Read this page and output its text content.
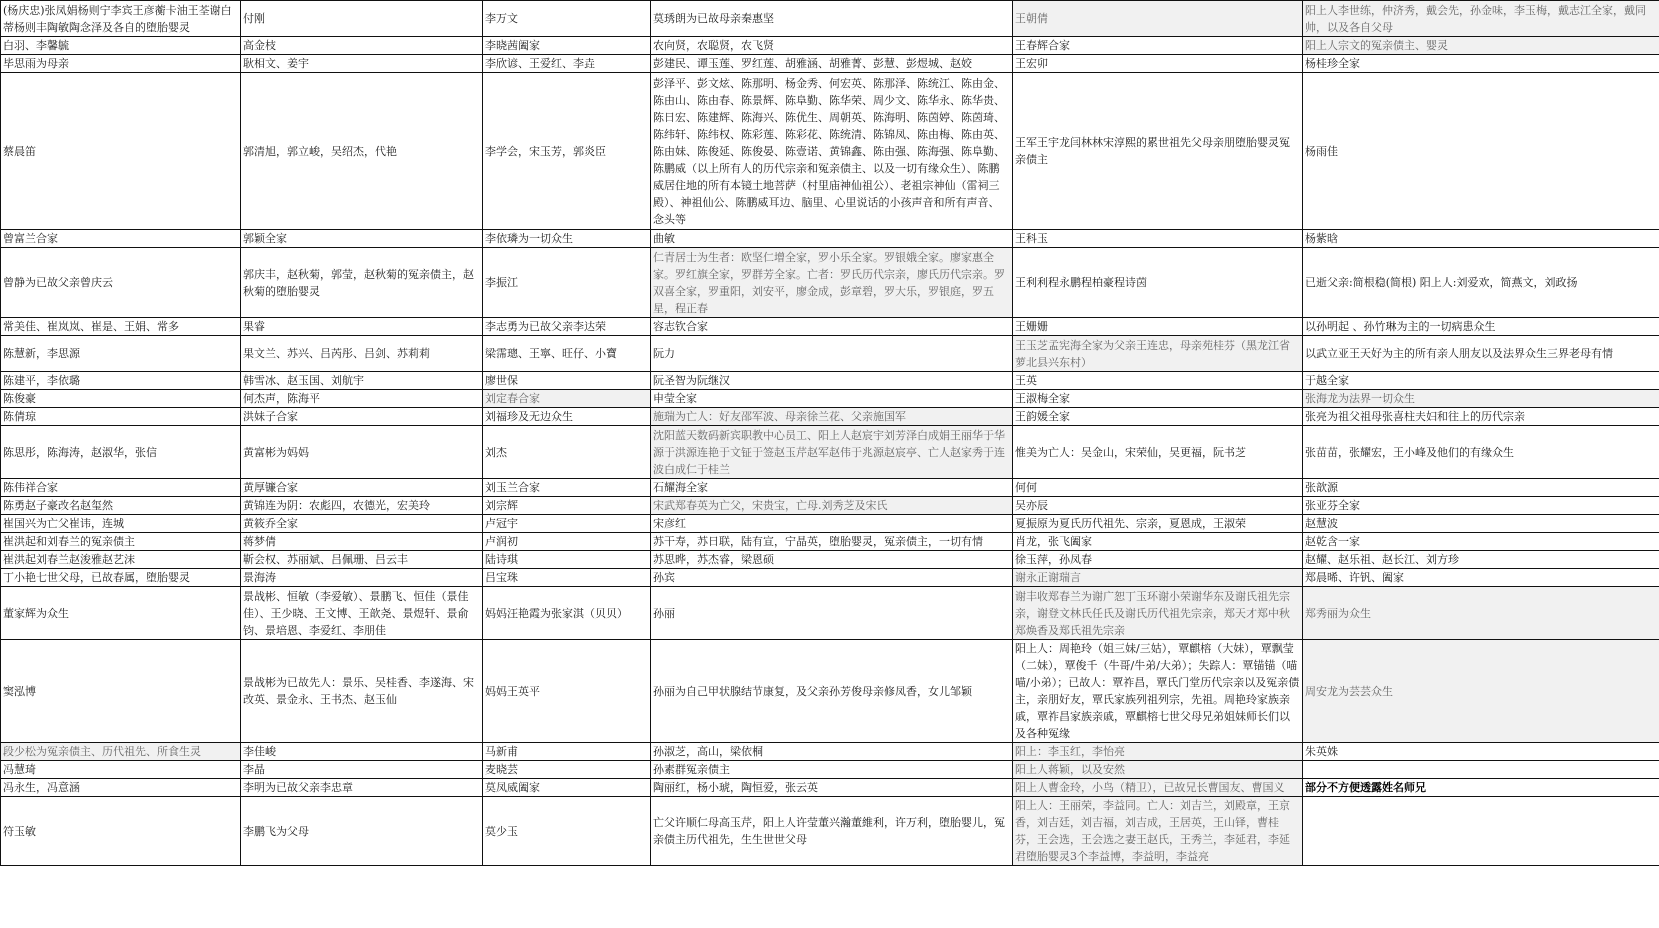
(杨庆忠)张凤娟杨则宁李宾王彦蘅卡油王荃谢白蒂杨则丰陶敏陶念泽及各自的堕胎婴灵	付刚	李万文	莫琇朗为已故母亲秦惠坚	王朝倩	阳上人李世练，仲济秀，戴会先，孙金味，李玉梅，戴志江全家，戴同帅，以及各自父母
白羽、李馨毓	高金枝	李晓茜阖家	农向贤，农聪贤，农飞贤	王春辉合家	阳上人宗文的冤亲债主、婴灵
毕思雨为母亲	耿相文、姜宇	李欣谚、王爱红、李垚	彭建民、谭玉莲、罗红莲、胡雅涵、胡雅菁、彭慧、彭煜城、赵姣	王宏卯	杨桂珍全家
蔡晨笛	郭清旭，郭立峻，吴绍杰，代艳	李学会，宋玉芳，郭炎臣	彭泽平、彭文炫、陈那明、杨金秀、何宏英、陈那泽、陈统江、陈由金、陈由山、陈由春、陈景辉、陈阜勤、陈华荣、周少文、陈华永、陈华贵、陈日宏、陈建辉、陈海兴、陈优生、周朝英、陈海明、陈茵婷、陈茵琦、陈纬轩、陈纬权、陈彩莲、陈彩花、陈统清、陈锦凤、陈由梅、陈由英、陈由妹、陈俊延、陈俊晏、陈壹诺、黄锦鑫、陈由强、陈海强、陈阜勤、陈鹏威（以上所有人的历代宗亲和冤亲债主、以及一切有缘众生）、陈鹏威居住地的所有本镜土地菩萨（村里庙神仙祖公）、老祖宗神仙（雷祠三殿）、神祖仙公、陈鹏威耳边、脑里、心里说话的小孩声音和所有声音、念头等	王军王宇龙闫林林宋淳熙的累世祖先父母亲朋堕胎婴灵冤亲债主	杨雨佳
曾富兰合家	郭颖全家	李依璘为一切众生	曲敏	王科玉	杨紫晗
曾静为已故父亲曾庆云	郭庆丰，赵秋菊，郭莹，赵秋菊的冤亲债主，赵秋菊的堕胎婴灵	李振江	仁青居士为生者：欧坚仁增全家，罗小乐全家。罗银娥全家。廖家惠全家。罗红旗全家，罗群芳全家。亡者：罗氏历代宗亲，廖氏历代宗亲。罗双喜全家，罗重阳，刘安平，廖金成，彭章碧，罗大乐，罗银庭，罗五星，程正春	王利利程永鹏程柏豪程诗茵	已逝父亲:简根稳(简根) 阳上人:刘爱欢，简燕文，刘政扬
常美佳、崔岚岚、崔是、王娟、常多	果睿	李志勇为已故父亲李达荣	容志钦合家	王姗姗	以孙明起 、孙竹琳为主的一切病患众生
陈慧新，李思源	果文兰、苏兴、吕芮彤、吕剑、苏莉莉	梁霈璁、王寧、旺仔、小寶	阮力	王玉芝孟宪海全家为父亲王连忠，母亲苑桂芬（黑龙江省萝北县兴东村）	以武立亚王天好为主的所有亲人朋友以及法界众生三界老母有情
陈建平，李依璐	韩雪冰、赵玉国、刘航宇	廖世保	阮圣智为阮继汉	王英	于越全家
陈俊豪	何杰声，陈海平	刘定春合家	申莹全家	王淑梅全家	张海龙为法界一切众生
陈倩琼	洪妹子合家	刘福珍及无边众生	施瑞为亡人：好友邵军波、母亲徐兰花、父亲施国军	王韵媛全家	张亮为祖父祖母张喜柱夫妇和往上的历代宗亲
陈思彤，陈海涛，赵淑华，张信	黄富彬为妈妈	刘杰	沈阳蓝天数码新宾职教中心员工、阳上人赵宸宇刘芳泽白成娟王丽华于华源于洪源连艳于文钲于签赵玉芹赵军赵伟于兆源赵宸亭、亡人赵家秀于连波白成仁于桂兰	惟美为亡人：吴金山，宋荣仙，吴更福，阮书芝	张苗苗，张耀宏，王小峰及他们的有缘众生
陈伟祥合家	黄厚镰合家	刘玉兰合家	石耀海全家	何何	张歆源
陈勇赵子豪改名赵玺然	黄锦连为阴：农彪四，农德光，宏美玲	刘宗辉	宋武郑春英为亡父，宋贵宝，亡母.刘秀芝及宋氏	吴亦辰	张亚芬全家
崔国兴为亡父崔讳，连城	黄筱乔全家	卢冠宇	宋彦红	夏振原为夏氏历代祖先、宗亲，夏恩成，王淑荣	赵慧波
崔洪起和刘春兰的冤亲债主	蒋梦倩	卢润初	苏干寿，苏日联，陆有宣，宁晶英，堕胎婴灵，冤亲债主，一切有情	肖龙，张飞阖家	赵乾含一家
崔洪起刘春兰赵浚雅赵艺沫	靳会权、苏丽斌、吕佩珊、吕云丰	陆诗琪	苏思晔，苏杰睿，梁恩硕	徐玉萍，孙凤春	赵耀、赵乐祖、赵长江、刘方珍
丁小艳七世父母，已故春属，堕胎婴灵	景海涛	吕宝珠	孙宾	谢永正谢瑞言	郑晨晞、许钒、阖家
董家辉为众生	景战彬、恒敏（李爱敏）、景鹏飞、恒佳（景佳佳）、王少晓、王文博、王歆尧、景煜轩、景俞钧、景培恩、李爱红、李朋佳	妈妈汪艳霞为张家淇（贝贝）	孙丽	谢丰收郑春兰为谢广恕丁玉环谢小荣谢华东及谢氏祖先宗亲，谢登文林氏任氏及谢氏历代祖先宗亲，郑天才郑中秋郑焕香及郑氏祖先宗亲	郑秀丽为众生
窦泓博	景战彬为已故先人：景乐、吴桂香、李遂海、宋改英、景金永、王书杰、赵玉仙	妈妈王英平	孙丽为自己甲状腺结节康复，及父亲孙芳俊母亲修凤香，女儿邹颖	阳上人：周艳玲（姐三妹/三姑），覃麒榕（大妹），覃飘莹（二妹），覃俊千（牛哥/牛弟/大弟）；失踪人：覃锚锚（喵喵/小弟）；已故人：覃祚昌，覃氏门堂历代宗亲以及冤亲债主，亲朋好友，覃氏家族列祖列宗，先祖。周艳玲家族亲戚，覃祚昌家族亲戚，覃麒榕七世父母兄弟姐妹师长们以及各种冤缘	周安龙为芸芸众生
段少松为冤亲债主、历代祖先、所食生灵	李佳峻	马新甫	孙淑芝，高山，梁依桐	阳上：李玉红，李怡亮	朱英姝
冯慧琦	李晶	麦晓芸	孙素群冤亲债主	阳上人蒋颖，以及安然	
冯永生，冯意涵	李明为已故父亲李忠章	莫凤威阖家	陶丽红，杨小琥，陶恒爱，张云英	阳上人曹金玲，小鸟（精卫），已故兄长曹国友、曹国义	部分不方便透露姓名师兄
符玉敏	李鹏飞为父母	莫少玉	亡父许顺仁母高玉芹，阳上人许莹董兴瀚董維利，许万利，堕胎婴儿，冤亲债主历代祖先，生生世世父母	阳上人：王丽荣，李益同。亡人：刘吉兰，刘殿章，王京香，刘吉廷，刘吉福，刘吉成，王居英，王山铎，曹桂芬，王会选，王会选之妻王赵氏，王秀兰，李延君，李延君堕胎婴灵3个李益博，李益明，李益亮	
